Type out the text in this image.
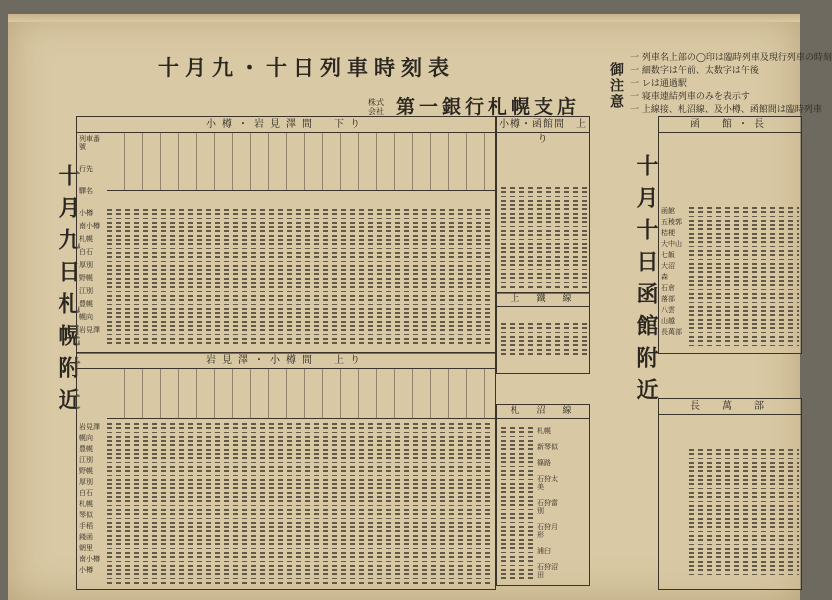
十月九・十日列車時刻表
株式会社 第一銀行札幌支店 御注意
一 列車名上部の◯印は臨時列車及現行列車の時刻
一 細数字は午前、太数字は午後
一 レは通過駅
一 寝車連結列車のみを表示す
一 上線接、札沼線、及小樽、函館間は臨時列車
十月九日札幌附近	十月十日函館附近
小樽・岩見澤間　下り
列車番號
行先
驛名
小樽
南小樽
札幌
白石
厚別
野幌
江別
豊幌
幌向
岩見澤
小樽・函館間　上り
上　鐵　線
札　沼　線
札幌
新琴似
篠路
石狩太美
石狩當別
石狩月形
浦臼
石狩沼田
岩見澤・小樽間　上り
岩見澤
幌向
豊幌
江別
野幌
厚別
白石
札幌
琴似
手稻
錢函
朝里
南小樽
小樽
函　館・長
函館
五稜郭
桔梗
大中山
七飯
大沼
森
石倉
落部
八雲
山越
長萬部
長　萬　部
